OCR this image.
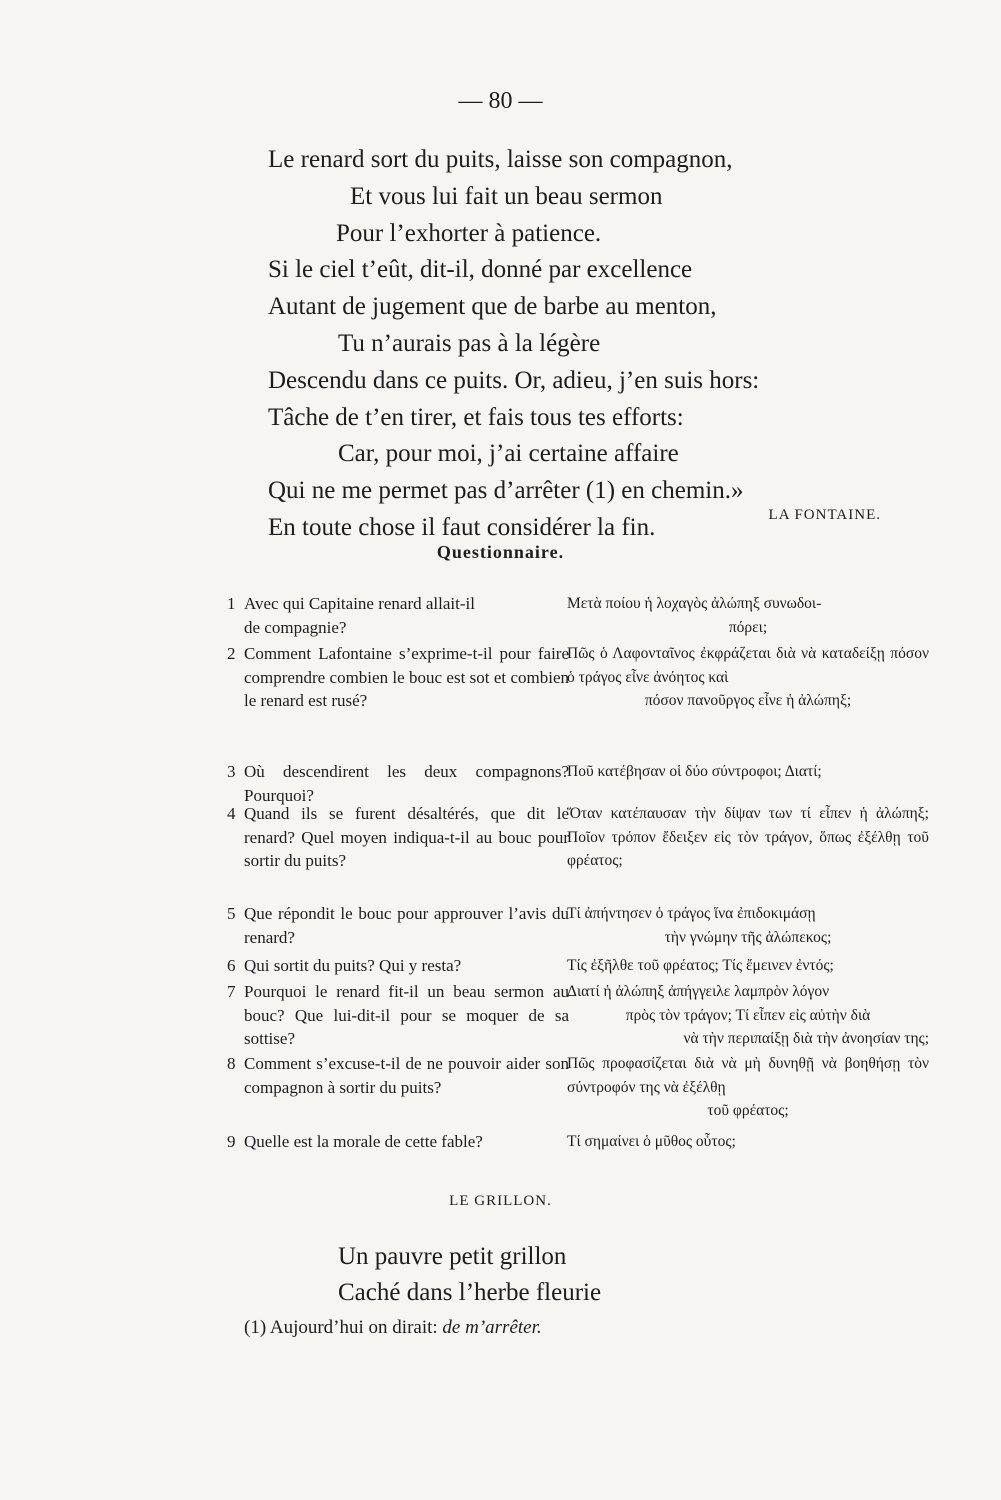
— 80 —
Le renard sort du puits, laisse son compagnon,
Et vous lui fait un beau sermon
Pour l’exhorter à patience.
Si le ciel t’eût, dit-il, donné par excellence
Autant de jugement que de barbe au menton,
Tu n’aurais pas à la légère
Descendu dans ce puits. Or, adieu, j’en suis hors:
Tâche de t’en tirer, et fais tous tes efforts:
Car, pour moi, j’ai certaine affaire
Qui ne me permet pas d’arrêter (1) en chemin.»
En toute chose il faut considérer la fin.	LA FONTAINE.
Questionnaire.
1 Avec qui Capitaine renard allait-il
de compagnie?
Μετὰ ποίου ἡ λοχαγὸς ἀλώπηξ συνωδοι-
πόρει;
2 Comment Lafontaine s’exprime-t-il pour faire comprendre combien le bouc est sot et combien le renard est rusé?
Πῶς ὁ Λαφονταῖνος ἐκφράζεται διὰ νὰ καταδείξῃ πόσον ὁ τράγος εἶνε ἀνόητος καὶ
πόσον πανοῦργος εἶνε ἡ ἀλώπηξ;
3 Où descendirent les deux compagnons? Pourquoi?
Ποῦ κατέβησαν οἱ δύο σύντροφοι; Διατί;
4 Quand ils se furent désaltérés, que dit le renard? Quel moyen indiqua-t-il au bouc pour sortir du puits?
Ὅταν κατέπαυσαν τὴν δίψαν των τί εἶπεν ἡ ἀλώπηξ; Ποῖον τρόπον ἔδειξεν εἰς τὸν τράγον, ὅπως ἐξέλθῃ τοῦ φρέατος;
5 Que répondit le bouc pour approuver l’avis du renard?
Τί ἀπήντησεν ὁ τράγος ἵνα ἐπιδοκιμάσῃ
τὴν γνώμην τῆς ἀλώπεκος;
6 Qui sortit du puits? Qui y resta?	Τίς ἐξῆλθε τοῦ φρέατος; Τίς ἔμεινεν ἐντός;
7 Pourquoi le renard fit-il un beau sermon au bouc? Que lui-dit-il pour se moquer de sa sottise?
Διατί ἡ ἀλώπηξ ἀπήγγειλε λαμπρὸν λόγον
πρὸς τὸν τράγον; Τί εἶπεν εἰς αὐτὴν διὰ
νὰ τὴν περιπαίξῃ διὰ τὴν ἀνοησίαν της;
8 Comment s’excuse-t-il de ne pouvoir aider son compagnon à sortir du puits?
Πῶς προφασίζεται διὰ νὰ μὴ δυνηθῇ νὰ βοηθήσῃ τὸν σύντροφόν της νὰ ἐξέλθῃ
τοῦ φρέατος;
9 Quelle est la morale de cette fable?	Τί σημαίνει ὁ μῦθος οὗτος;
LE GRILLON.
Un pauvre petit grillon
Caché dans l’herbe fleurie
(1) Aujourd’hui on dirait: de m’arrêter.
